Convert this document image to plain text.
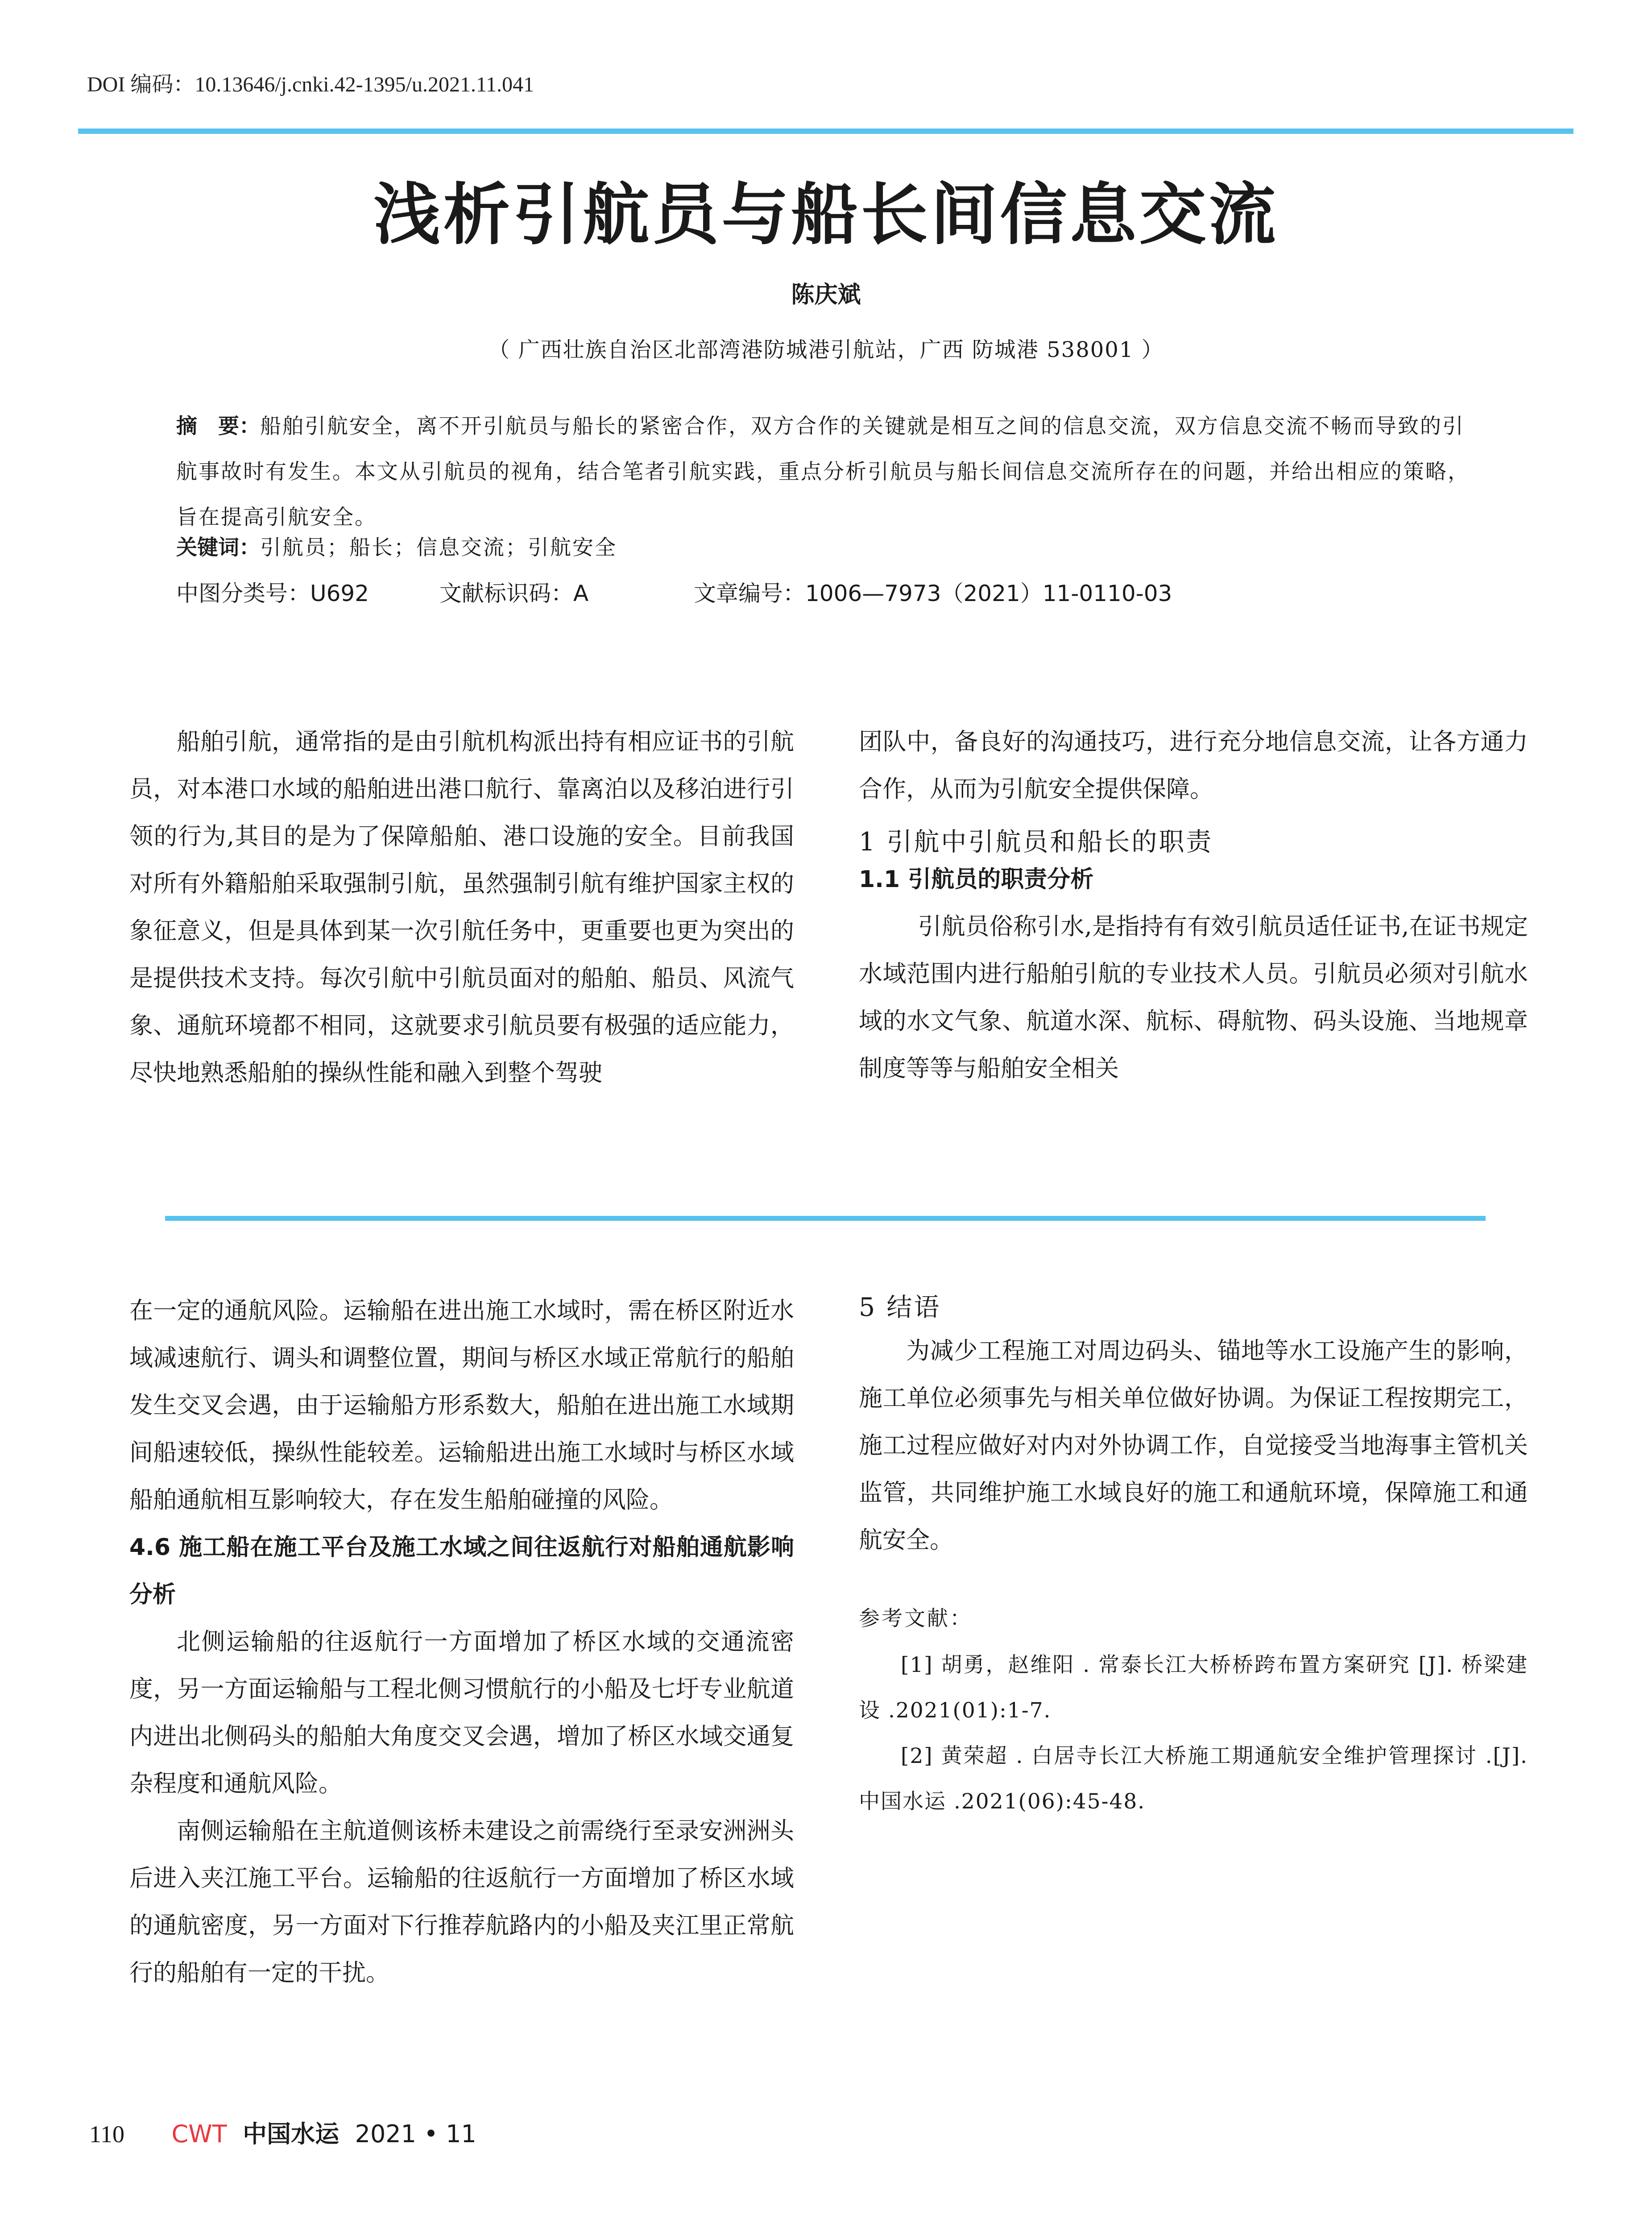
DOI 编码：10.13646/j.cnki.42-1395/u.2021.11.041
浅析引航员与船长间信息交流
陈庆斌
（ 广西壮族自治区北部湾港防城港引航站，广西 防城港 538001 ）
摘　要：船舶引航安全，离不开引航员与船长的紧密合作，双方合作的关键就是相互之间的信息交流，双方信息交流不畅而导致的引航事故时有发生。本文从引航员的视角，结合笔者引航实践，重点分析引航员与船长间信息交流所存在的问题，并给出相应的策略，旨在提高引航安全。
关键词：引航员；船长；信息交流；引航安全
中图分类号：U692	文献标识码：A	文章编号：1006—7973（2021）11-0110-03

船舶引航，通常指的是由引航机构派出持有相应证书的引航员，对本港口水域的船舶进出港口航行、靠离泊以及移泊进行引领的行为,其目的是为了保障船舶、港口设施的安全。目前我国对所有外籍船舶采取强制引航，虽然强制引航有维护国家主权的象征意义，但是具体到某一次引航任务中，更重要也更为突出的是提供技术支持。每次引航中引航员面对的船舶、船员、风流气象、通航环境都不相同，这就要求引航员要有极强的适应能力，尽快地熟悉船舶的操纵性能和融入到整个驾驶

团队中，备良好的沟通技巧，进行充分地信息交流，让各方通力合作，从而为引航安全提供保障。

1 引航中引航员和船长的职责

1.1 引航员的职责分析

引航员俗称引水,是指持有有效引航员适任证书,在证书规定水域范围内进行船舶引航的专业技术人员。引航员必须对引航水域的水文气象、航道水深、航标、碍航物、码头设施、当地规章制度等等与船舶安全相关

在一定的通航风险。运输船在进出施工水域时，需在桥区附近水域减速航行、调头和调整位置，期间与桥区水域正常航行的船舶发生交叉会遇，由于运输船方形系数大，船舶在进出施工水域期间船速较低，操纵性能较差。运输船进出施工水域时与桥区水域船舶通航相互影响较大，存在发生船舶碰撞的风险。

4.6 施工船在施工平台及施工水域之间往返航行对船舶通航影响分析

北侧运输船的往返航行一方面增加了桥区水域的交通流密度，另一方面运输船与工程北侧习惯航行的小船及七圩专业航道内进出北侧码头的船舶大角度交叉会遇，增加了桥区水域交通复杂程度和通航风险。

南侧运输船在主航道侧该桥未建设之前需绕行至录安洲洲头后进入夹江施工平台。运输船的往返航行一方面增加了桥区水域的通航密度，另一方面对下行推荐航路内的小船及夹江里正常航行的船舶有一定的干扰。

5 结语

为减少工程施工对周边码头、锚地等水工设施产生的影响，施工单位必须事先与相关单位做好协调。为保证工程按期完工，施工过程应做好对内对外协调工作，自觉接受当地海事主管机关监管，共同维护施工水域良好的施工和通航环境，保障施工和通航安全。

参考文献：

[1] 胡勇，赵维阳 . 常泰长江大桥桥跨布置方案研究 [J]. 桥梁建设 .2021(01):1-7.

[2] 黄荣超 . 白居寺长江大桥施工期通航安全维护管理探讨 .[J]. 中国水运 .2021(06):45-48.

110 CWT 中国水运 2021 • 11
